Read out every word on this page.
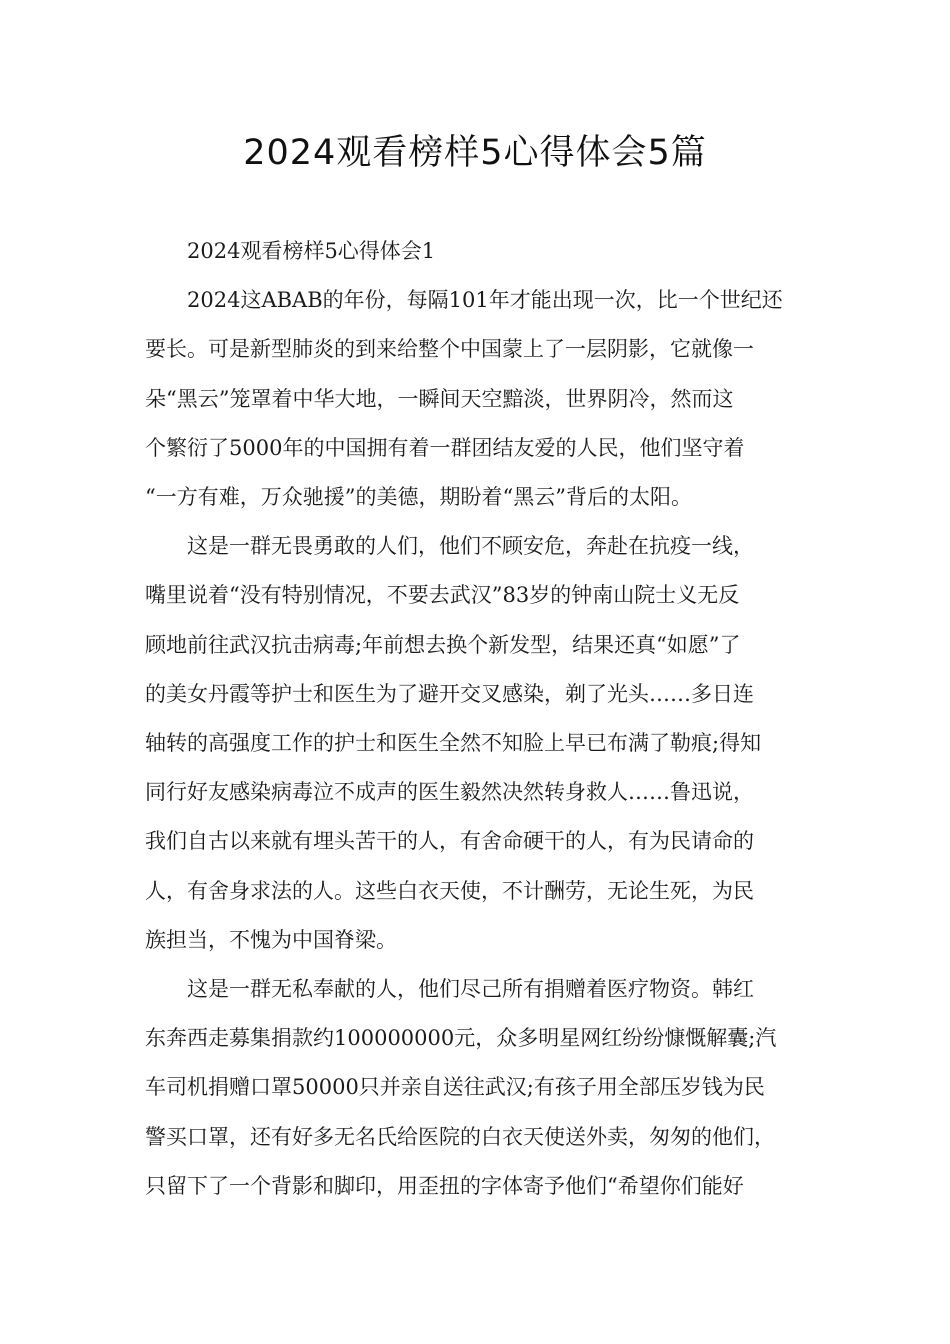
2024观看榜样5心得体会5篇
2024观看榜样5心得体会1
2024这ABAB的年份，每隔101年才能出现一次，比一个世纪还
要长。可是新型肺炎的到来给整个中国蒙上了一层阴影，它就像一
朵“黑云”笼罩着中华大地，一瞬间天空黯淡，世界阴冷，然而这
个繁衍了5000年的中国拥有着一群团结友爱的人民，他们坚守着
“一方有难，万众驰援”的美德，期盼着“黑云”背后的太阳。
这是一群无畏勇敢的人们，他们不顾安危，奔赴在抗疫一线，
嘴里说着“没有特别情况，不要去武汉”83岁的钟南山院士义无反
顾地前往武汉抗击病毒;年前想去换个新发型，结果还真“如愿”了
的美女丹霞等护士和医生为了避开交叉感染，剃了光头……多日连
轴转的高强度工作的护士和医生全然不知脸上早已布满了勒痕;得知
同行好友感染病毒泣不成声的医生毅然决然转身救人……鲁迅说，
我们自古以来就有埋头苦干的人，有舍命硬干的人，有为民请命的
人，有舍身求法的人。这些白衣天使，不计酬劳，无论生死，为民
族担当，不愧为中国脊梁。
这是一群无私奉献的人，他们尽己所有捐赠着医疗物资。韩红
东奔西走募集捐款约100000000元，众多明星网红纷纷慷慨解囊;汽
车司机捐赠口罩50000只并亲自送往武汉;有孩子用全部压岁钱为民
警买口罩，还有好多无名氏给医院的白衣天使送外卖，匆匆的他们，
只留下了一个背影和脚印，用歪扭的字体寄予他们“希望你们能好
